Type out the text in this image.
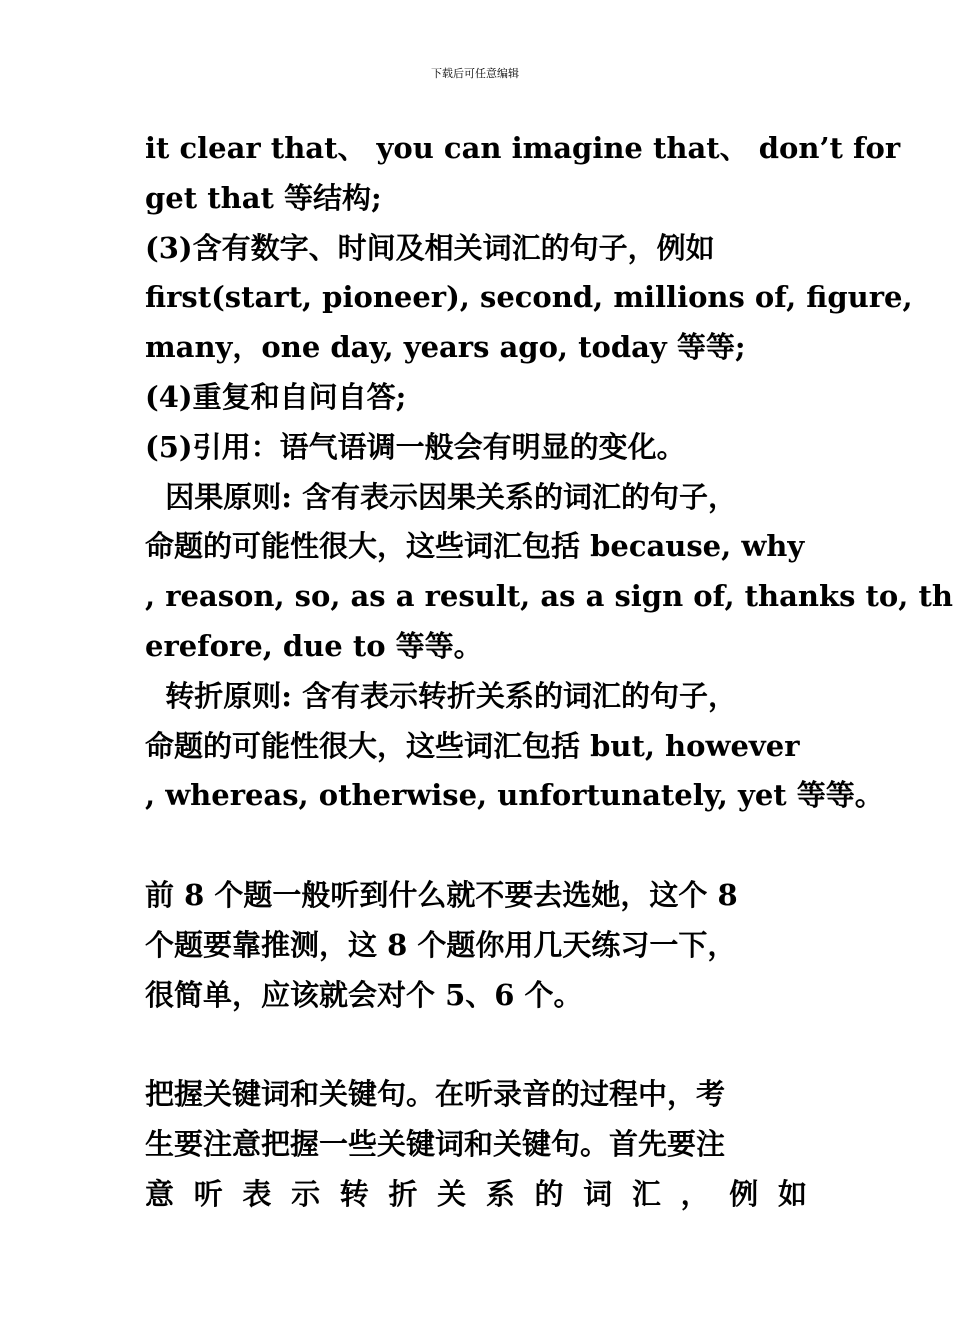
下载后可任意编辑
it clear that、 you can imagine that、 don’t for
get that 等结构;
(3)含有数字、时间及相关词汇的句子，例如
first(start, pioneer), second, millions of, figure,
many，one day, years ago, today 等等;
(4)重复和自问自答;
(5)引用：语气语调一般会有明显的变化。
因果原则: 含有表示因果关系的词汇的句子，
命题的可能性很大，这些词汇包括 because, why
, reason, so, as a result, as a sign of, thanks to, th
erefore, due to 等等。
转折原则: 含有表示转折关系的词汇的句子，
命题的可能性很大，这些词汇包括 but, however
, whereas, otherwise, unfortunately, yet 等等。
前 8 个题一般听到什么就不要去选她，这个 8
个题要靠推测，这 8 个题你用几天练习一下，
很简单，应该就会对个 5、6 个。
把握关键词和关键句。在听录音的过程中，考
生要注意把握一些关键词和关键句。首先要注
意 听 表 示 转 折 关 系 的 词 汇 ， 例 如
